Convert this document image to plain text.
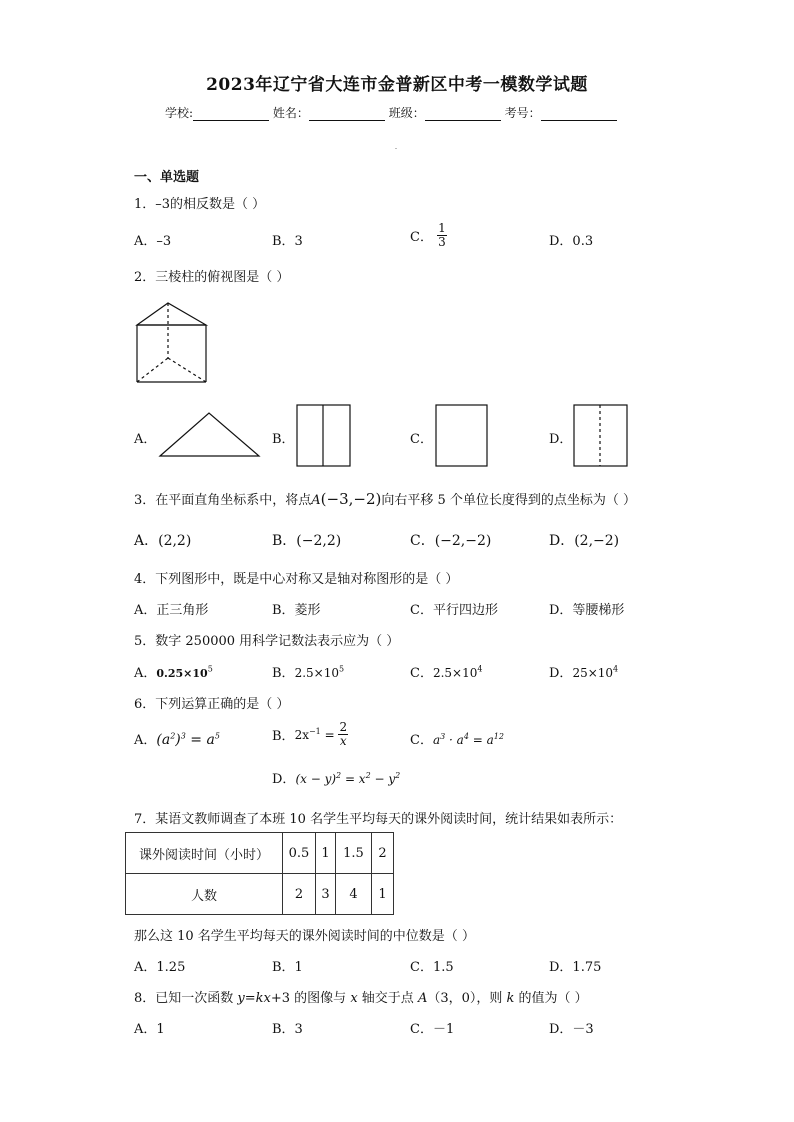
2023年辽宁省大连市金普新区中考一模数学试题
学校:	姓名：	班级：	考号：
一、单选题
1．–3的相反数是（ ）
A．–3	B．3	C． $\frac{1}{3}$	D．0.3
2．三棱柱的俯视图是（ ）
A．	B．	C．	D．
3．在平面直角坐标系中，将点A(−3,−2)向右平移 5 个单位长度得到的点坐标为（ ）
A．(2,2)	B．(−2,2)	C．(−2,−2)	D．(2,−2)
4．下列图形中，既是中心对称又是轴对称图形的是（ ）
A．正三角形	B．菱形	C．平行四边形	D．等腰梯形
5．数字 250000 用科学记数法表示应为（ ）
A．$0.25\times 10^5$	B．$2.5\times 10^5$	C．$2.5\times 10^4$	D．$25\times 10^4$
6．下列运算正确的是（ ）
A．$(a^2)^3 = a^5$	B．$2x^{-1} = \frac{2}{x}$	C．$a^3 \cdot a^4 = a^{12}$
D．$(x - y)^2 = x^2 - y^2$
7．某语文教师调查了本班 10 名学生平均每天的课外阅读时间，统计结果如表所示：
课外阅读时间（小时）	0.5	1	1.5	2
人数	2	3	4	1
那么这 10 名学生平均每天的课外阅读时间的中位数是（ ）
A．1.25	B．1	C．1.5	D．1.75
8．已知一次函数 y=kx+3 的图像与 x 轴交于点 A（3，0），则 k 的值为（ ）
A．1	B．3	C．－1	D．－3
